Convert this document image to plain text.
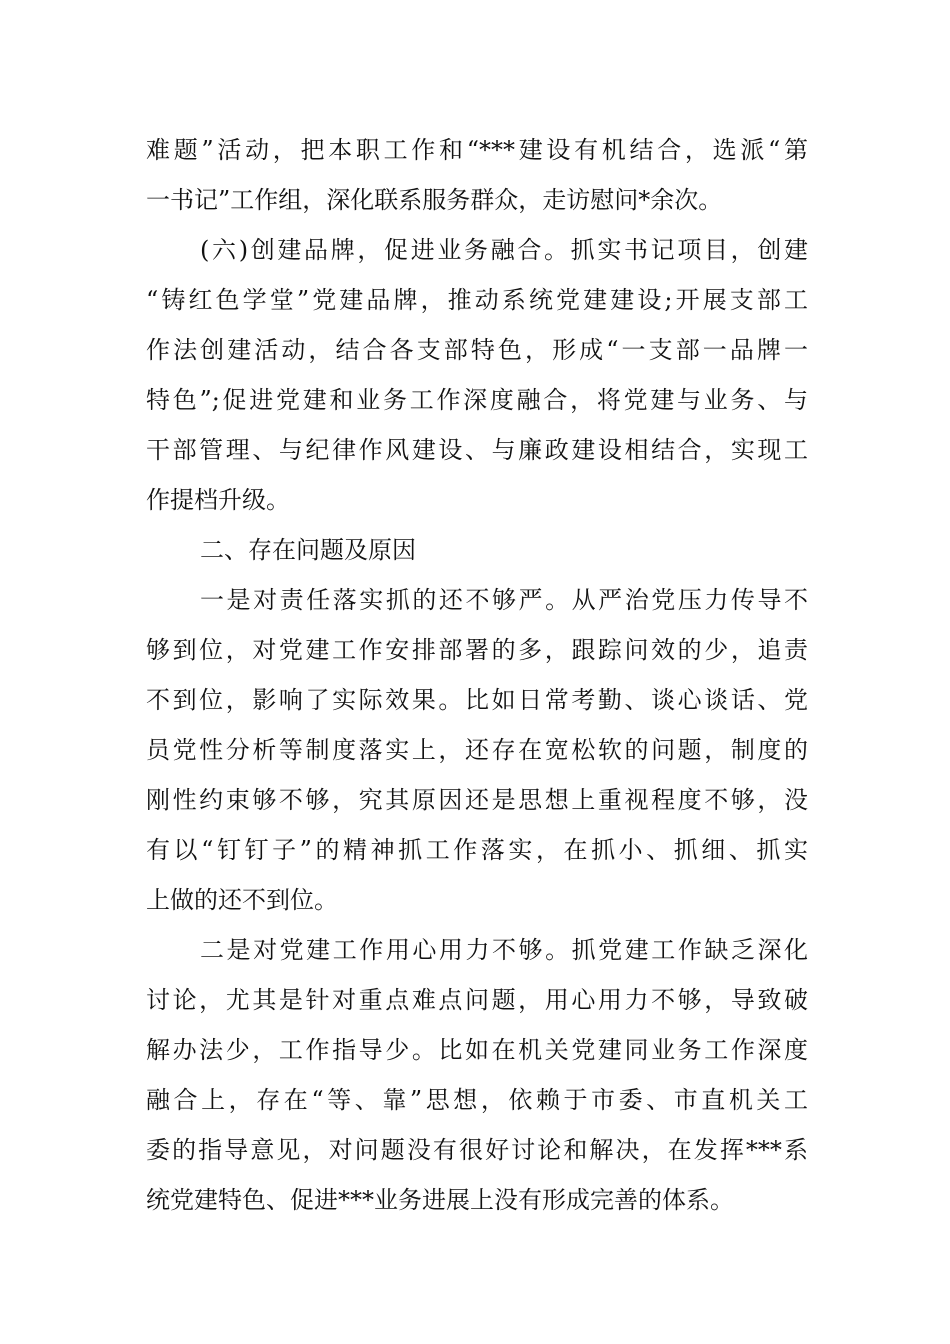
难题”活动，把本职工作和“***建设有机结合，选派“第
一书记”工作组，深化联系服务群众，走访慰问*余次。
(六)创建品牌，促进业务融合。抓实书记项目，创建
“铸红色学堂”党建品牌，推动系统党建建设;开展支部工
作法创建活动，结合各支部特色，形成“一支部一品牌一
特色”;促进党建和业务工作深度融合，将党建与业务、与
干部管理、与纪律作风建设、与廉政建设相结合，实现工
作提档升级。
二、存在问题及原因
一是对责任落实抓的还不够严。从严治党压力传导不
够到位，对党建工作安排部署的多，跟踪问效的少，追责
不到位，影响了实际效果。比如日常考勤、谈心谈话、党
员党性分析等制度落实上，还存在宽松软的问题，制度的
刚性约束够不够，究其原因还是思想上重视程度不够，没
有以“钉钉子”的精神抓工作落实，在抓小、抓细、抓实
上做的还不到位。
二是对党建工作用心用力不够。抓党建工作缺乏深化
讨论，尤其是针对重点难点问题，用心用力不够，导致破
解办法少，工作指导少。比如在机关党建同业务工作深度
融合上，存在“等、靠”思想，依赖于市委、市直机关工
委的指导意见，对问题没有很好讨论和解决，在发挥***系
统党建特色、促进***业务进展上没有形成完善的体系。
